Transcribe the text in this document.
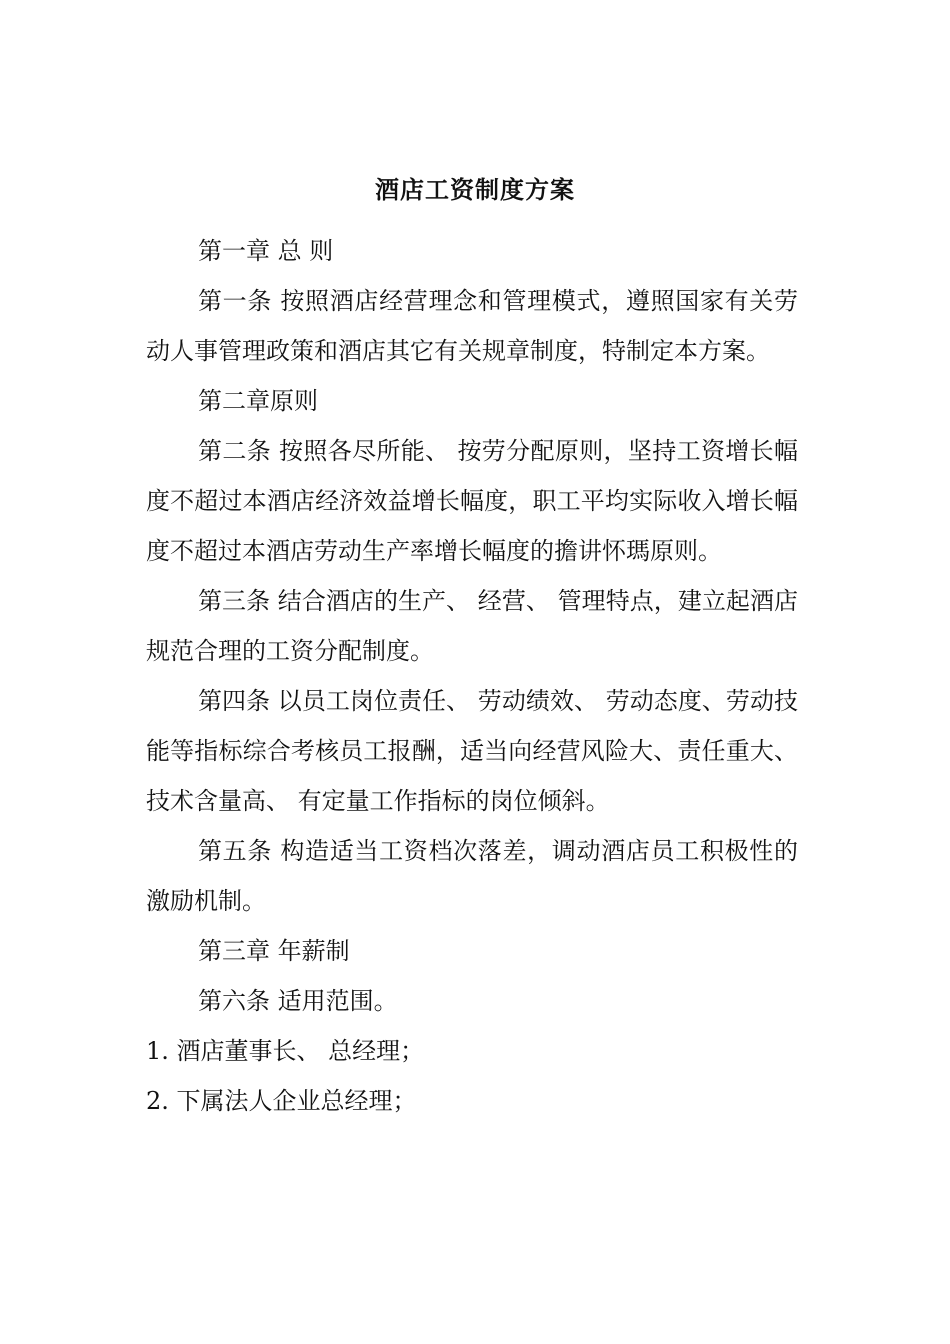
酒店工资制度方案

第一章 总 则

第一条 按照酒店经营理念和管理模式，遵照国家有关劳动人事管理政策和酒店其它有关规章制度，特制定本方案。

第二章原则

第二条 按照各尽所能、 按劳分配原则，坚持工资增长幅度不超过本酒店经济效益增长幅度，职工平均实际收入增长幅度不超过本酒店劳动生产率增长幅度的擔讲怀瑪原则。

第三条 结合酒店的生产、 经营、 管理特点，建立起酒店规范合理的工资分配制度。

第四条 以员工岗位责任、 劳动绩效、 劳动态度、劳动技能等指标综合考核员工报酬，适当向经营风险大、责任重大、 技术含量高、 有定量工作指标的岗位倾斜。

第五条 构造适当工资档次落差，调动酒店员工积极性的激励机制。

第三章 年薪制

第六条 适用范围。

1. 酒店董事长、 总经理；

2. 下属法人企业总经理；
